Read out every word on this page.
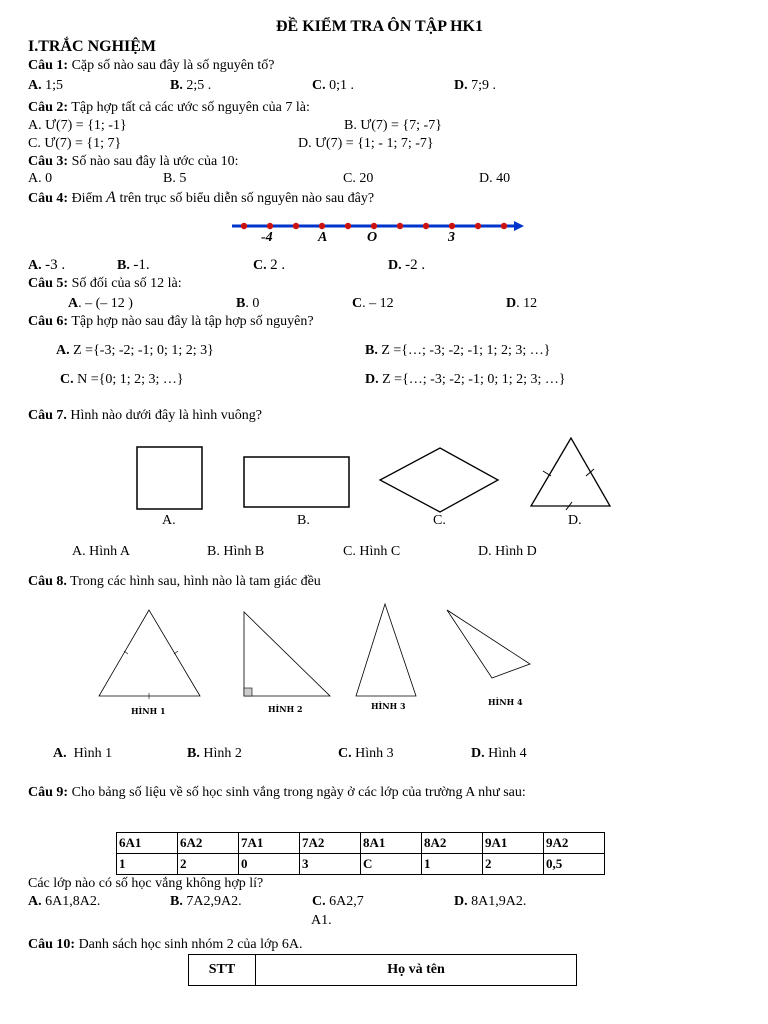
ĐỀ KIỂM TRA ÔN TẬP HK1
I.TRẮC NGHIỆM
Câu 1: Cặp số nào sau đây là số nguyên tố?
A. 1;5	B. 2;5 .	C. 0;1 .	D. 7;9 .
Câu 2: Tập hợp tất cả các ước số nguyên của 7 là:
A. Ư(7) = {1; -1}	B. Ư(7) = {7; -7}
C. Ư(7) = {1; 7}	D. Ư(7) = {1; - 1; 7; -7}
Câu 3: Số nào sau đây là ước của 10:
A. 0	B. 5	C. 20	D. 40
Câu 4: Điểm A trên trục số biểu diễn số nguyên nào sau đây?
-4	A	O	3
A. -3 .	B. -1.	C. 2 .	D. -2 .
Câu 5: Số đối của số 12 là:
A. – (– 12 )	B. 0	C. – 12	D. 12
Câu 6: Tập hợp nào sau đây là tập hợp số nguyên?
A. Z ={-3; -2; -1; 0; 1; 2; 3}	B. Z ={…; -3; -2; -1; 1; 2; 3; …}
C. N ={0; 1; 2; 3; …}	D. Z ={…; -3; -2; -1; 0; 1; 2; 3; …}
Câu 7. Hình nào dưới đây là hình vuông?
A.	B.	C.	D.
A. Hình A	B. Hình B	C. Hình C	D. Hình D
Câu 8. Trong các hình sau, hình nào là tam giác đều
HÌNH 1	HÌNH 2	HÌNH 3	HÌNH 4
A. Hình 1	B. Hình 2	C. Hình 3	D. Hình 4
Câu 9: Cho bảng số liệu về số học sinh vắng trong ngày ở các lớp của trường A như sau:
6A1	6A2	7A1	7A2	8A1	8A2	9A1	9A2
1	2	0	3	C	1	2	0,5
Các lớp nào có số học vắng không hợp lí?
A. 6A1,8A2.	B. 7A2,9A2.	C. 6A2,7
A1.
D. 8A1,9A2.
Câu 10: Danh sách học sinh nhóm 2 của lớp 6A.
STT	Họ và tên
